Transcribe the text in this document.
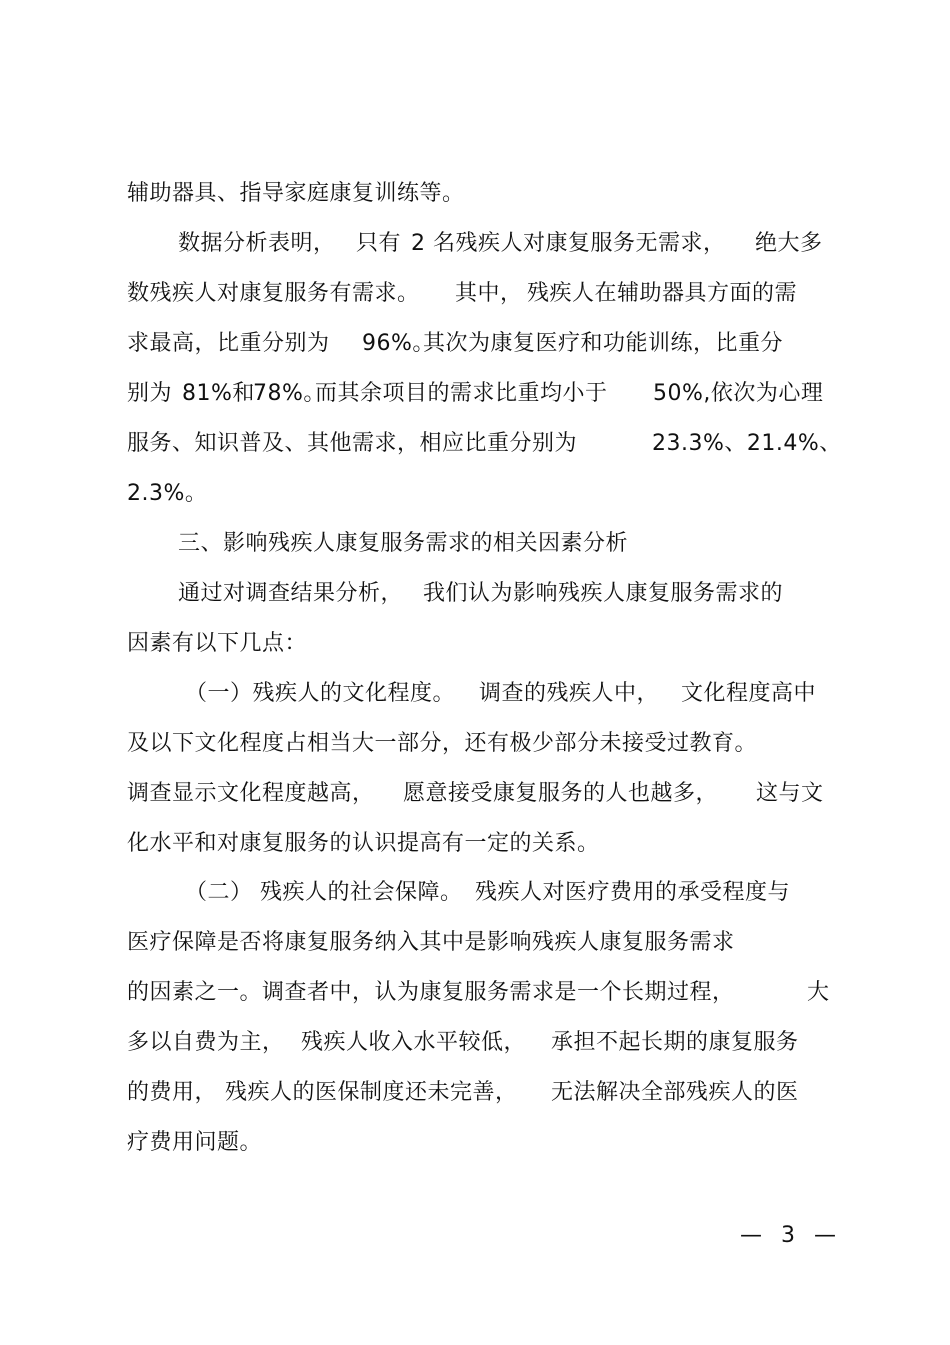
辅助器具、指导家庭康复训练等。
数据分析表明， 只有 2 名残疾人对康复服务无需求， 绝大多
数残疾人对康复服务有需求。 其中， 残疾人在辅助器具方面的需
求最高，比重分别为 96%。
其次为康复医疗和功能训练，比重分
别为 81%和
78%。
而其余项目的需求比重均小于 50%,依次为心理
服务、知识普及、其他需求，相应比重分别为	23.3%、21.4%、
2.3%。
三、影响残疾人康复服务需求的相关因素分析
通过对调查结果分析， 我们认为影响残疾人康复服务需求的
因素有以下几点：
（一）残疾人的文化程度。 调查的残疾人中， 文化程度高中
及以下文化程度占相当大一部分，还有极少部分未接受过教育。
调查显示文化程度越高， 愿意接受康复服务的人也越多， 这与文
化水平和对康复服务的认识提高有一定的关系。
（二） 残疾人的社会保障。 残疾人对医疗费用的承受程度与
医疗保障是否将康复服务纳入其中是影响残疾人康复服务需求
的因素之一。调查者中，认为康复服务需求是一个长期过程，	大
多以自费为主， 残疾人收入水平较低， 承担不起长期的康复服务
的费用， 残疾人的医保制度还未完善， 无法解决全部残疾人的医
疗费用问题。
— 3 —
